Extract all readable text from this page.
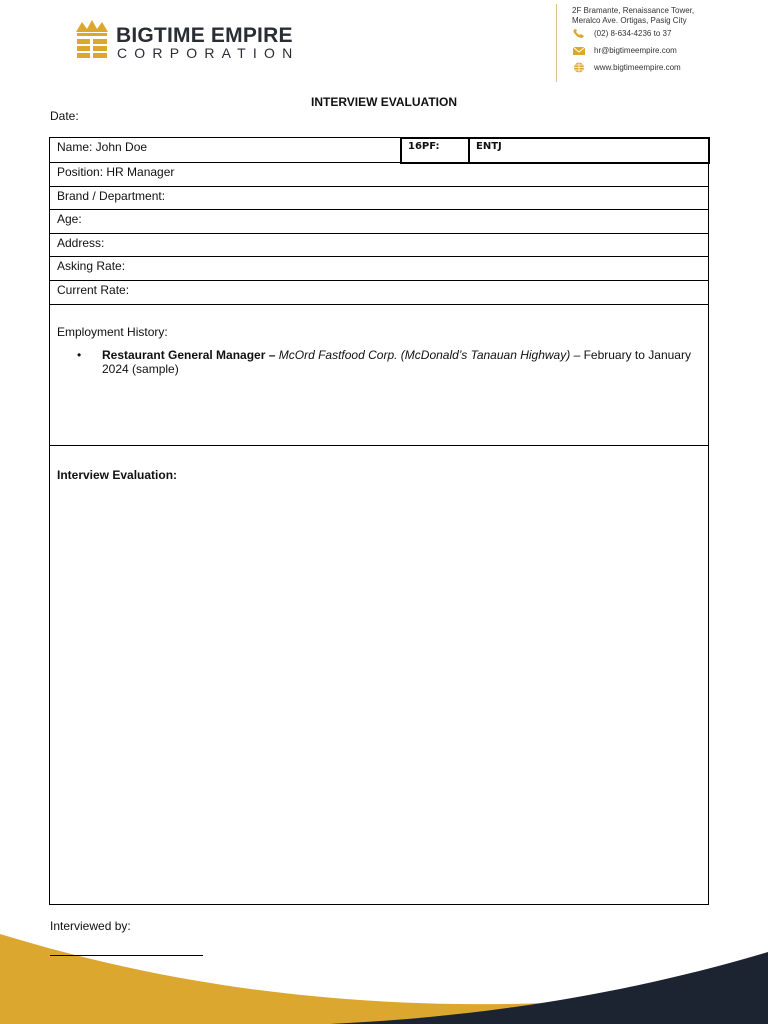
BIGTIME EMPIRE
CORPORATION
2F Bramante, Renaissance Tower,
Meralco Ave. Ortigas, Pasig City
(02) 8-634-4236 to 37
hr@bigtimeempire.com
www.bigtimeempire.com
INTERVIEW EVALUATION
Date:
Name: John Doe	16PF:	ENTJ
Position: HR Manager
Brand / Department:
Age:
Address:
Asking Rate:
Current Rate:
Employment History:
• Restaurant General Manager – McOrd Fastfood Corp. (McDonald’s Tanauan Highway) – February to January 2024 (sample)
Interview Evaluation:
Interviewed by:
